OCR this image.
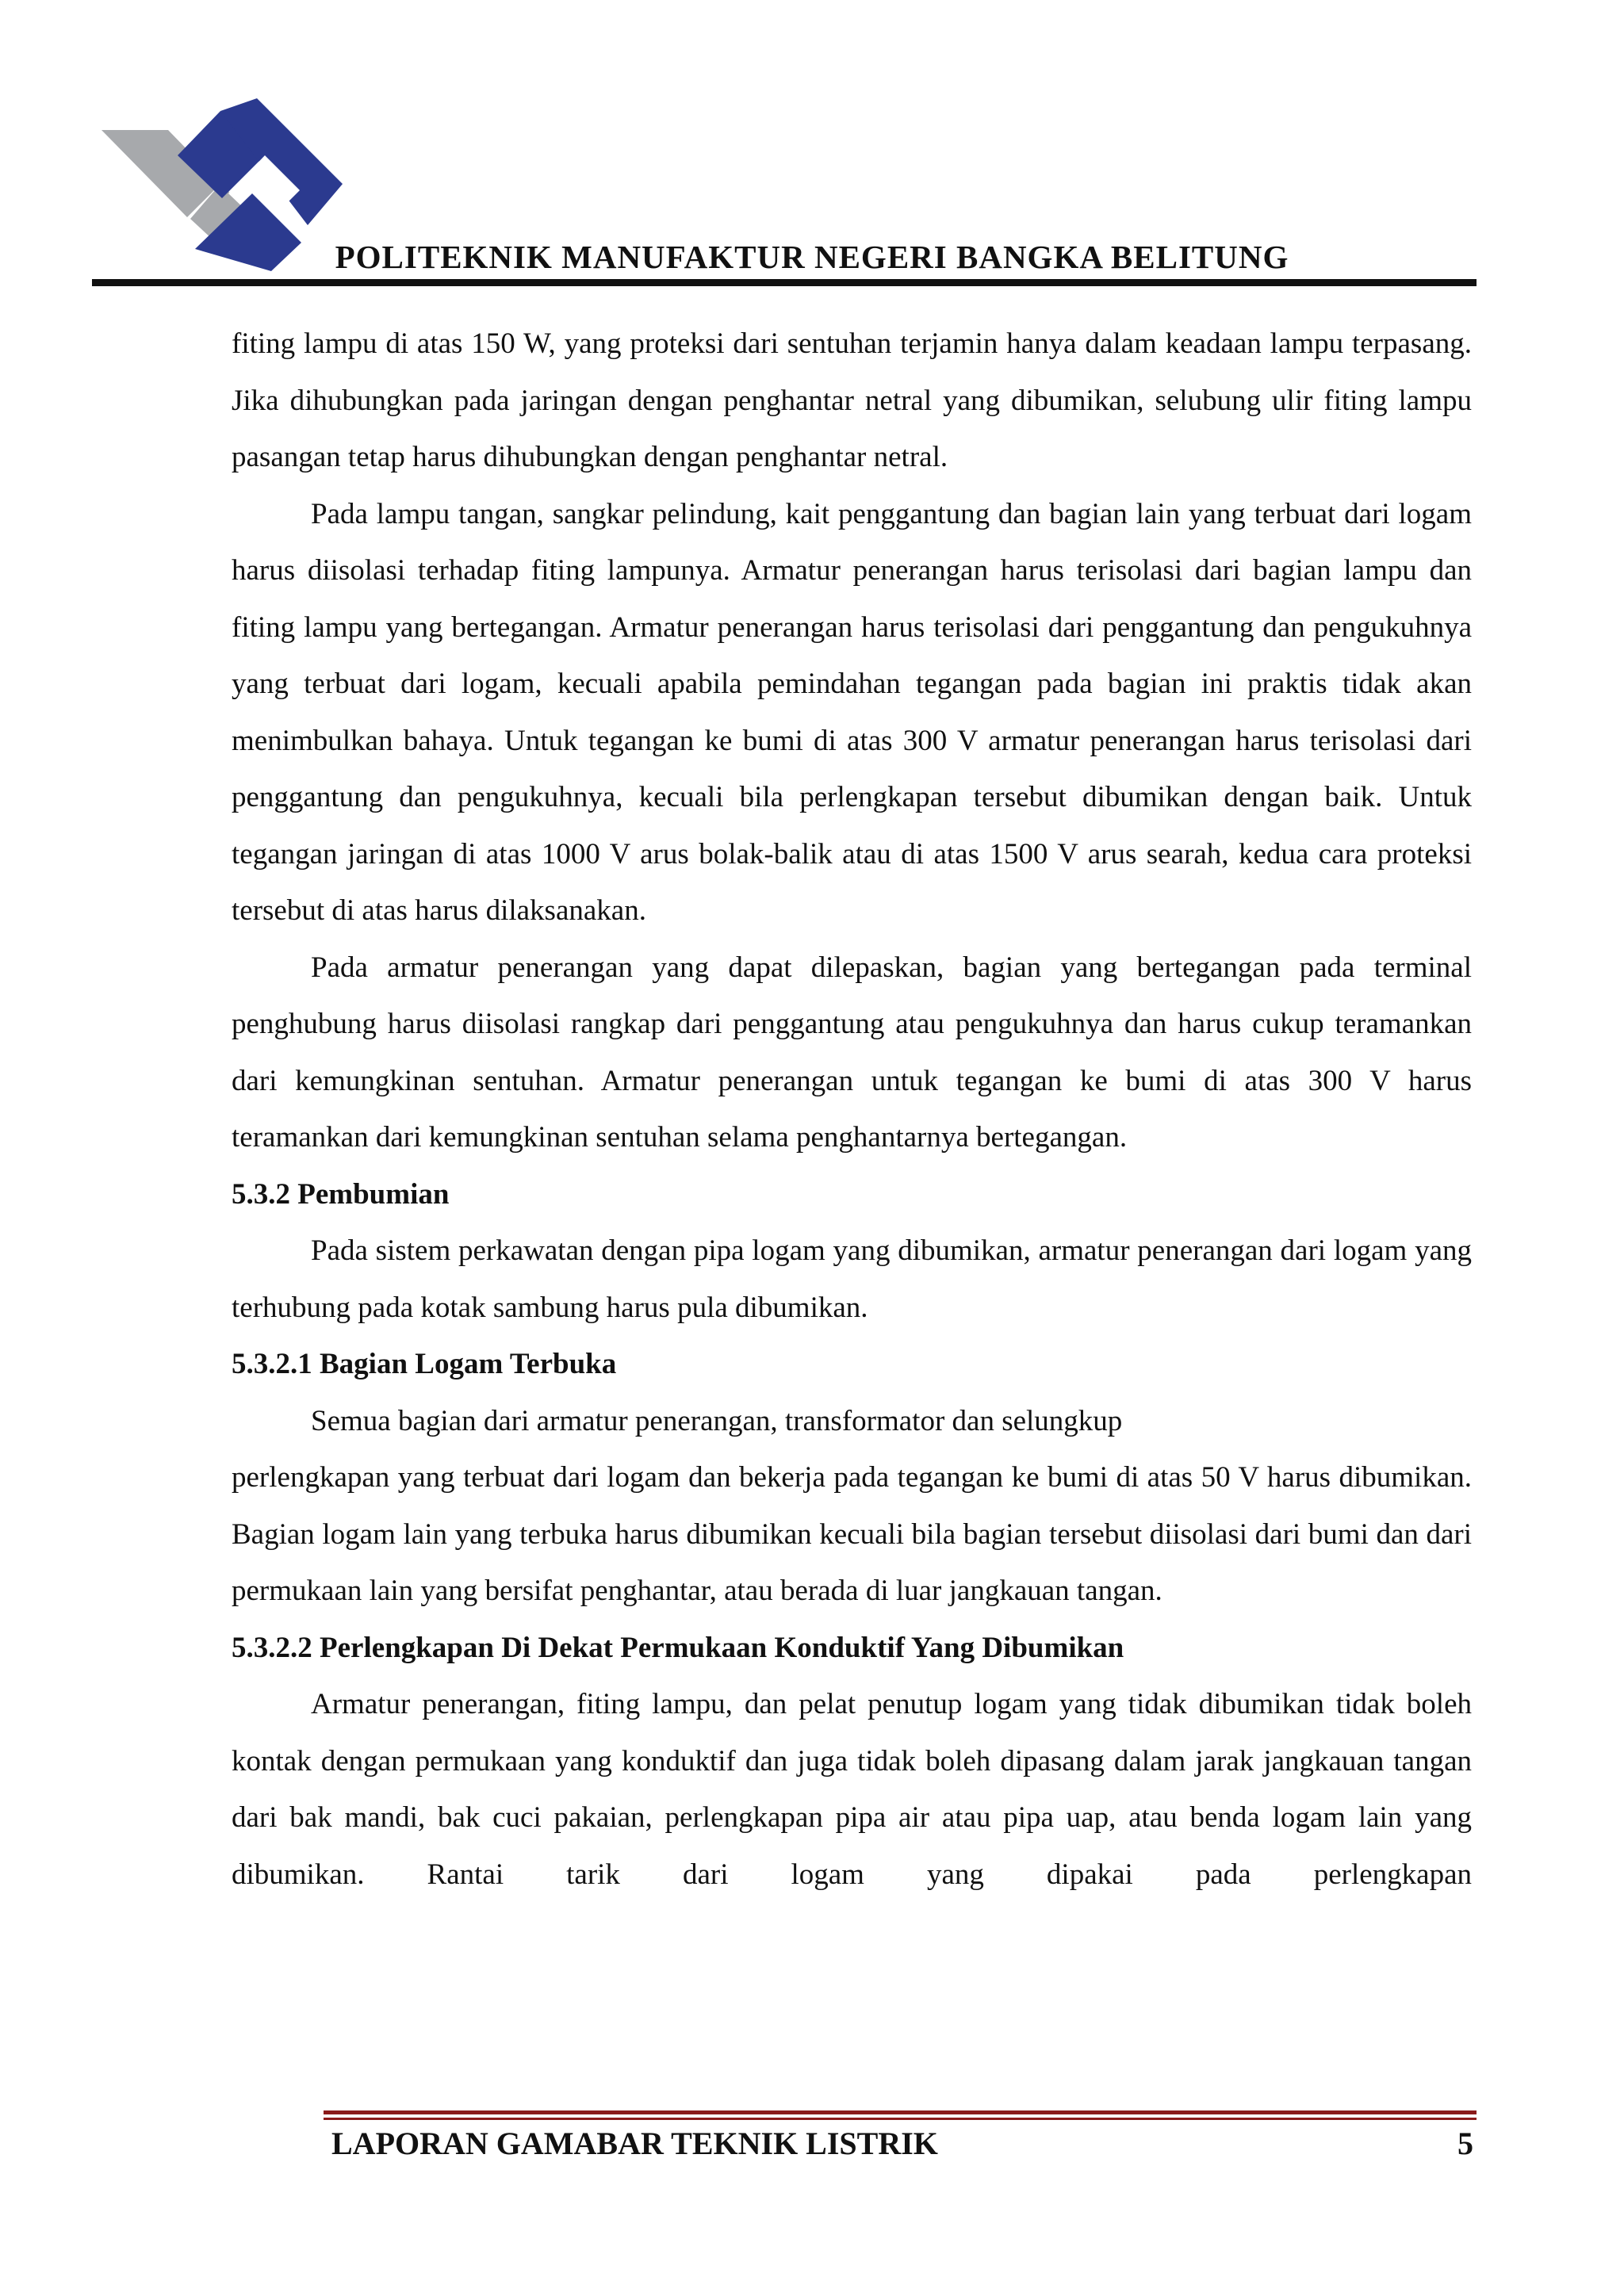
POLITEKNIK MANUFAKTUR NEGERI BANGKA BELITUNG

fiting lampu di atas 150 W, yang proteksi dari sentuhan terjamin hanya dalam keadaan lampu terpasang. Jika dihubungkan pada jaringan dengan penghantar netral yang dibumikan, selubung ulir fiting lampu pasangan tetap harus dihubungkan dengan penghantar netral.

Pada lampu tangan, sangkar pelindung, kait penggantung dan bagian lain yang terbuat dari logam harus diisolasi terhadap fiting lampunya. Armatur penerangan harus terisolasi dari bagian lampu dan fiting lampu yang bertegangan. Armatur penerangan harus terisolasi dari penggantung dan pengukuhnya yang terbuat dari logam, kecuali apabila pemindahan tegangan pada bagian ini praktis tidak akan menimbulkan bahaya. Untuk tegangan ke bumi di atas 300 V armatur penerangan harus terisolasi dari penggantung dan pengukuhnya, kecuali bila perlengkapan tersebut dibumikan dengan baik. Untuk tegangan jaringan di atas 1000 V arus bolak-balik atau di atas 1500 V arus searah, kedua cara proteksi tersebut di atas harus dilaksanakan.

Pada armatur penerangan yang dapat dilepaskan, bagian yang bertegangan pada terminal penghubung harus diisolasi rangkap dari penggantung atau pengukuhnya dan harus cukup teramankan dari kemungkinan sentuhan. Armatur penerangan untuk tegangan ke bumi di atas 300 V harus teramankan dari kemungkinan sentuhan selama penghantarnya bertegangan.

5.3.2 Pembumian

Pada sistem perkawatan dengan pipa logam yang dibumikan, armatur penerangan dari logam yang terhubung pada kotak sambung harus pula dibumikan.

5.3.2.1 Bagian Logam Terbuka

Semua bagian dari armatur penerangan, transformator dan selungkup

perlengkapan yang terbuat dari logam dan bekerja pada tegangan ke bumi di atas 50 V harus dibumikan. Bagian logam lain yang terbuka harus dibumikan kecuali bila bagian tersebut diisolasi dari bumi dan dari permukaan lain yang bersifat penghantar, atau berada di luar jangkauan tangan.

5.3.2.2 Perlengkapan Di Dekat Permukaan Konduktif Yang Dibumikan

Armatur penerangan, fiting lampu, dan pelat penutup logam yang tidak dibumikan tidak boleh kontak dengan permukaan yang konduktif dan juga tidak boleh dipasang dalam jarak jangkauan tangan dari bak mandi, bak cuci pakaian, perlengkapan pipa air atau pipa uap, atau benda logam lain yang dibumikan. Rantai tarik dari logam yang dipakai pada perlengkapan

LAPORAN GAMABAR TEKNIK LISTRIK	5
